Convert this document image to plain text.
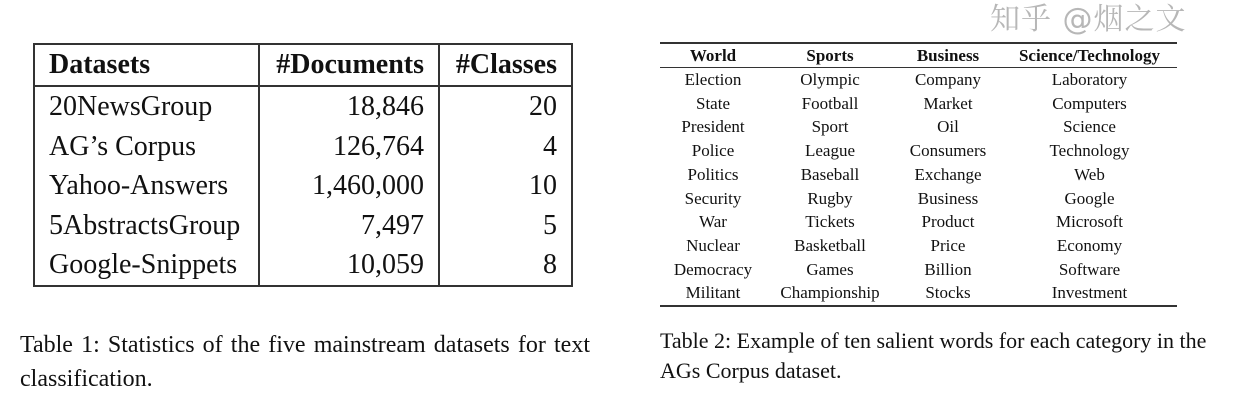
Datasets	#Documents	#Classes
20NewsGroup	18,846	20
AG’s Corpus	126,764	4
Yahoo-Answers	1,460,000	10
5AbstractsGroup	7,497	5
Google-Snippets	10,059	8
Table 1: Statistics of the five mainstream datasets for text classification.
World	Sports	Business	Science/Technology
Election	Olympic	Company	Laboratory
State	Football	Market	Computers
President	Sport	Oil	Science
Police	League	Consumers	Technology
Politics	Baseball	Exchange	Web
Security	Rugby	Business	Google
War	Tickets	Product	Microsoft
Nuclear	Basketball	Price	Economy
Democracy	Games	Billion	Software
Militant	Championship	Stocks	Investment
Table 2: Example of ten salient words for each category in the AGs Corpus dataset.
知乎 @烟之文
